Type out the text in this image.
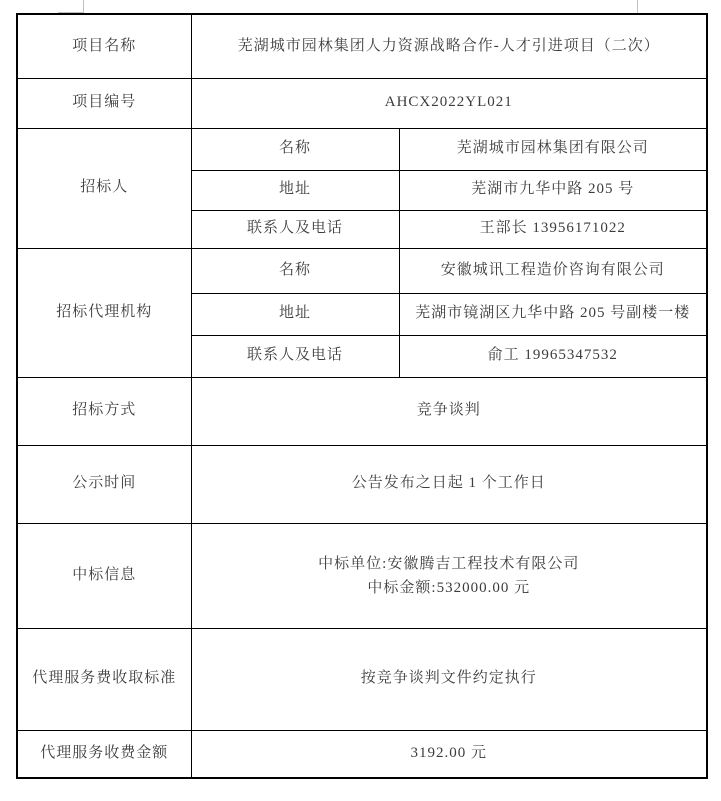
项目名称	芜湖城市园林集团人力资源战略合作-人才引进项目（二次）	
项目编号	AHCX2022YL021	
招标人	名称	芜湖城市园林集团有限公司
	地址	芜湖市九华中路 205 号
	联系人及电话	王部长 13956171022
招标代理机构	名称	安徽城讯工程造价咨询有限公司
	地址	芜湖市镜湖区九华中路 205 号副楼一楼
	联系人及电话	俞工 19965347532
招标方式	竞争谈判	
公示时间	公告发布之日起 1 个工作日	
中标信息	中标单位:安徽腾吉工程技术有限公司
中标金额:532000.00 元	

代理服务费收取标准	按竞争谈判文件约定执行	
代理服务收费金额	3192.00 元	
